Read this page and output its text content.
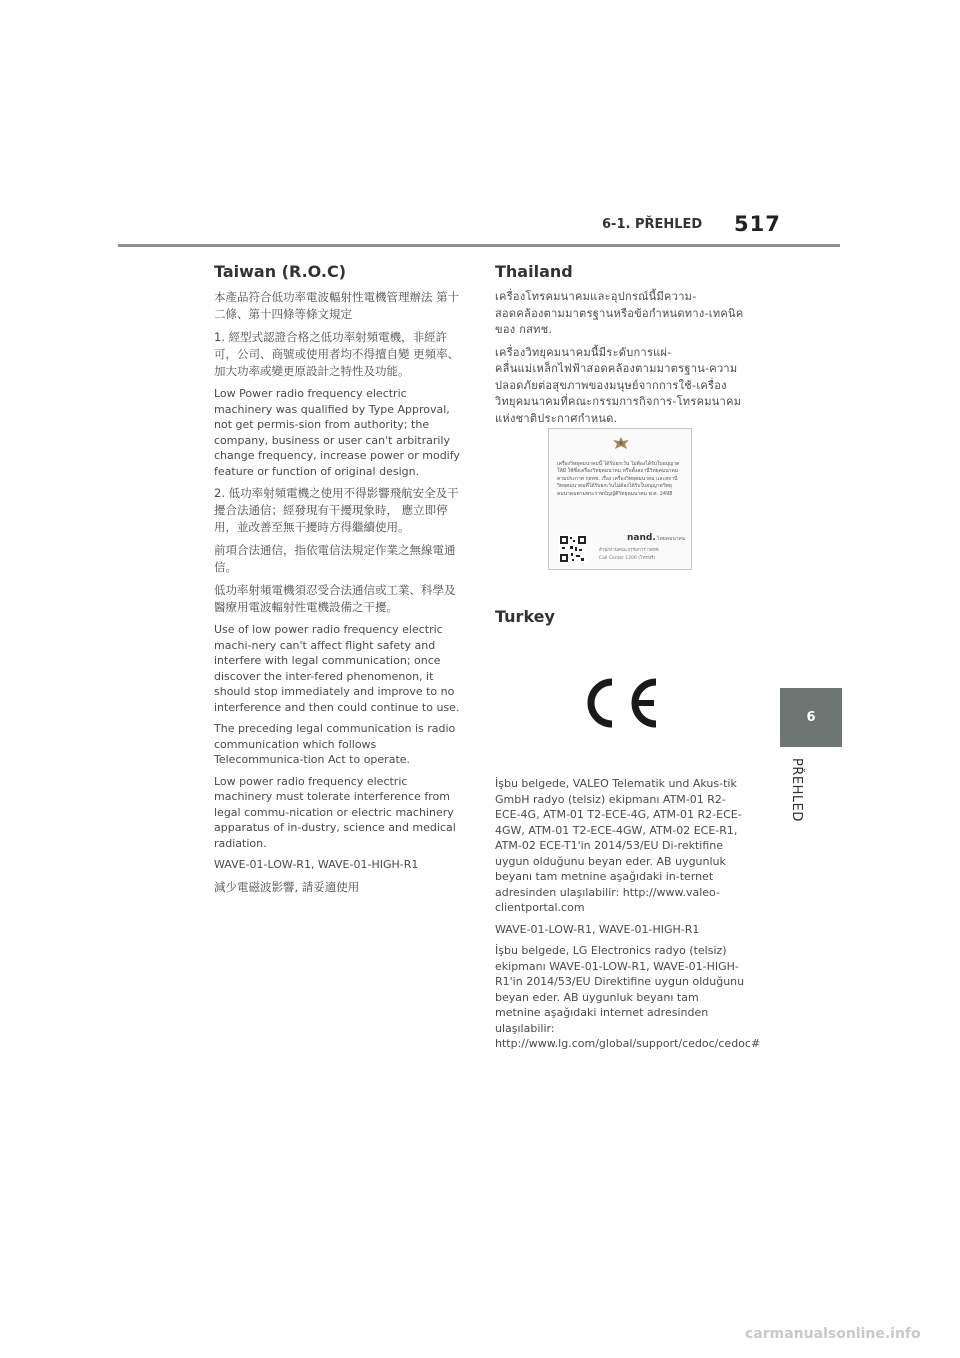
6-1. PŘEHLED 517
Taiwan (R.O.C)

本產品符合低功率電波輻射性電機管理辦法 第十二條、第十四條等條文規定

1. 經型式認證合格之低功率射頻電機，非經許可，公司、商號或使用者均不得擅自變 更頻率、加大功率或變更原設計之特性及功能。

Low Power radio frequency electric machinery was qualified by Type Approval, not get permis-sion from authority; the company, business or user can't arbitrarily change frequency, increase power or modify feature or function of original design.

2. 低功率射頻電機之使用不得影響飛航安全及干擾合法通信；經發現有干擾現象時， 應立即停用，並改善至無干擾時方得繼續使用。

前項合法通信，指依電信法規定作業之無線電通信。

低功率射頻電機須忍受合法通信或工業、科學及醫療用電波輻射性電機設備之干擾。

Use of low power radio frequency electric machi-nery can't affect flight safety and interfere with legal communication; once discover the inter-fered phenomenon, it should stop immediately and improve to no interference and then could continue to use.

The preceding legal communication is radio communication which follows Telecommunica-tion Act to operate.

Low power radio frequency electric machinery must tolerate interference from legal commu-nication or electric machinery apparatus of in-dustry, science and medical radiation.

WAVE-01-LOW-R1, WAVE-01-HIGH-R1

減少電磁波影響, 請妥適使用

Thailand

เครื่องโทรคมนาคมและอุปกรณ์นี้มีความ-สอดคล้องตามมาตรฐานหรือข้อกำหนดทาง-เทคนิคของ กสทช.

เครื่องวิทยุคมนาคมนี้มีระดับการแผ่-คลื่นแม่เหล็กไฟฟ้าสอดคล้องตามมาตรฐาน-ความปลอดภัยต่อสุขภาพของมนุษย์จากการใช้-เครื่องวิทยุคมนาคมที่คณะกรรมการกิจการ-โทรคมนาคมแห่งชาติประกาศกำหนด.

เครื่องวิทยุคมนาคมนี้ ได้รับยกเว้น ไม่ต้องได้รับใบอนุญาตให้มี ใช้ซึ่งเครื่องวิทยุคมนาคม หรือตั้งสถานีวิทยุคมนาคมตามประกาศ กสทช. เรื่อง เครื่องวิทยุคมนาคม และสถานีวิทยุคมนาคมที่ได้รับยกเว้นไม่ต้องได้รับใบอนุญาตวิทยุคมนาคมตามพระราชบัญญัติวิทยุคมนาคม พ.ศ. 2498
nand. ไทยคมนาคม
สำนักงานคณะกรรมการ กสทช.
Call Center 1200 (โทรฟรี)
Turkey

İşbu belgede, VALEO Telematik und Akus-tik GmbH radyo (telsiz) ekipmanı ATM-01 R2-ECE-4G, ATM-01 T2-ECE-4G, ATM-01 R2-ECE-4GW, ATM-01 T2-ECE-4GW, ATM-02 ECE-R1, ATM-02 ECE-T1'in 2014/53/EU Di-rektifine uygun olduğunu beyan eder. AB uygunluk beyanı tam metnine aşağıdaki in-ternet adresinden ulaşılabilir: http://www.valeo-clientportal.com

WAVE-01-LOW-R1, WAVE-01-HIGH-R1

İşbu belgede, LG Electronics radyo (telsiz) ekipmanı WAVE-01-LOW-R1, WAVE-01-HIGH-R1'in 2014/53/EU Direktifine uygun olduğunu beyan eder. AB uygunluk beyanı tam metnine aşağıdaki internet adresinden ulaşılabilir: http://www.lg.com/global/support/cedoc/cedoc#

6
PŘEHLED
carmanualsonline.info
